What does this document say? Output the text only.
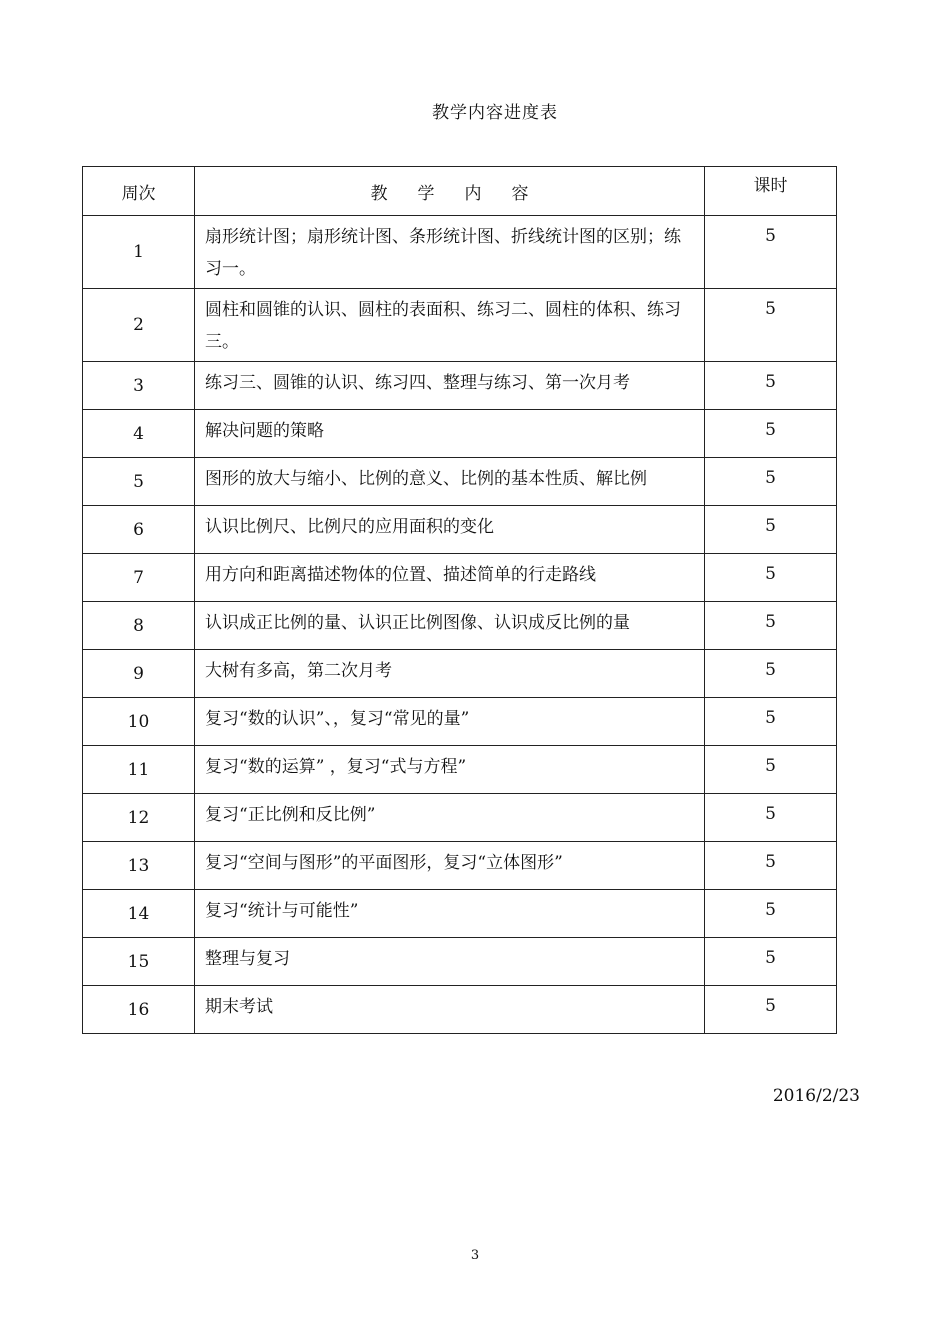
教学内容进度表
周次	教学内容	课时
1	扇形统计图；扇形统计图、条形统计图、折线统计图的区别；练习一。	5
2	圆柱和圆锥的认识、圆柱的表面积、练习二、圆柱的体积、练习三。	5
3	练习三、圆锥的认识、练习四、整理与练习、第一次月考	5
4	解决问题的策略	5
5	图形的放大与缩小、比例的意义、比例的基本性质、解比例	5
6	认识比例尺、比例尺的应用面积的变化	5
7	用方向和距离描述物体的位置、描述简单的行走路线	5
8	认识成正比例的量、认识正比例图像、认识成反比例的量	5
9	大树有多高，第二次月考	5
10	复习“数的认识”、，复习“常见的量”	5
11	复习“数的运算” ，复习“式与方程”	5
12	复习“正比例和反比例”	5
13	复习“空间与图形”的平面图形，复习“立体图形”	5
14	复习“统计与可能性”	5
15	整理与复习	5
16	期末考试	5
2016/2/23
3
